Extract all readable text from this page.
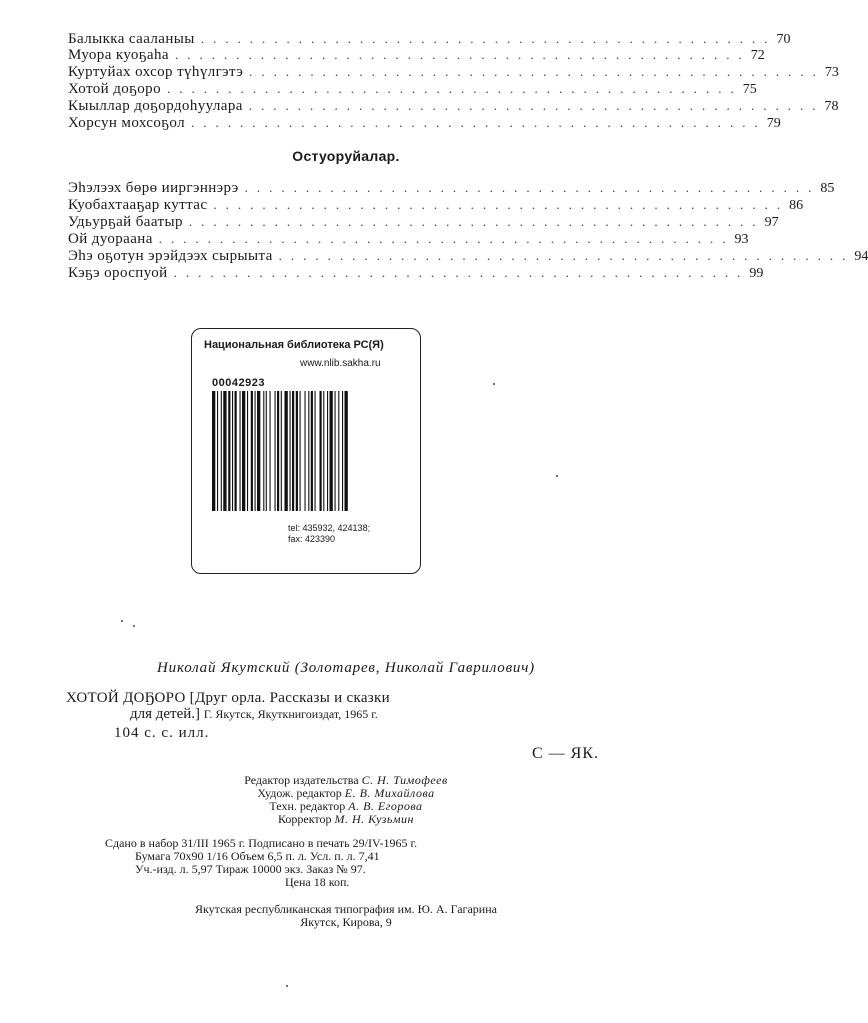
Балыкка сааланыы ............................................... 70
Муора куоҕаһа ............................................... 72
Куртуйах охсор түһүлгэтэ ............................................... 73
Хотой доҕоро ............................................... 75
Кыыллар доҕордоһуулара ............................................... 78
Хорсун мохсоҕол ............................................... 79
Остуоруйалар.
Эһэлээх бөрө ииргэннэрэ ............................................... 85
Куобахтааҕар куттас ............................................... 86
Удьурҕай баатыр ............................................... 97
Ой дуораана ............................................... 93
Эһэ оҕотун эрэйдээх сырыыта ............................................... 94
Кэҕэ ороспуой ............................................... 99
Национальная библиотека РС(Я)
www.nlib.sakha.ru
00042923
tel: 435932, 424138;
fax: 423390
Николай Якутский (Золотарев, Николай Гаврилович)
ХОТОЙ ДОҔОРО [Друг орла. Рассказы и сказки
для детей.] Г. Якутск, Якуткнигоиздат, 1965 г.
104 с. с. илл.
С — ЯК.
Редактор издательства С. Н. Тимофеев
Худож. редактор Е. В. Михайлова
Техн. редактор А. В. Егорова
Корректор М. Н. Кузьмин
Сдано в набор 31/III 1965 г. Подписано в печать 29/IV-1965 г.
Бумага 70х90 1/16 Объем 6,5 п. л. Усл. п. л. 7,41
Уч.-изд. л. 5,97 Тираж 10000 экз. Заказ № 97.
Цена 18 коп.
Якутская республиканская типография им. Ю. А. Гагарина
Якутск, Кирова, 9
